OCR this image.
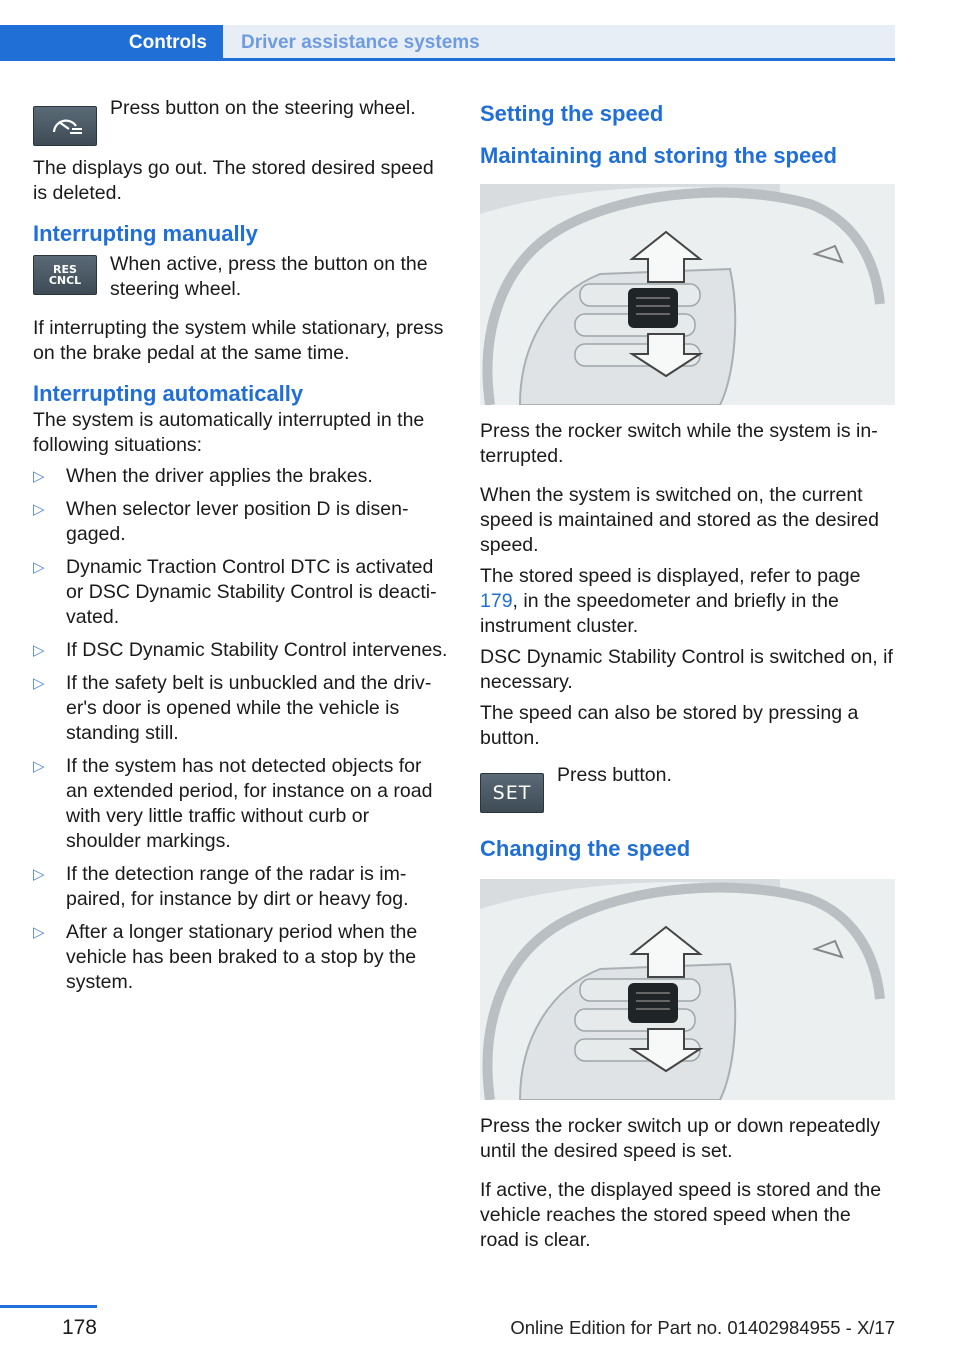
Controls Driver assistance systems

Press button on the steering wheel.

The displays go out. The stored desired speed is deleted.

Interrupting manually
RES
CNCL

When active, press the button on the steering wheel.

If interrupting the system while stationary, press on the brake pedal at the same time.

Interrupting automatically

The system is automatically interrupted in the following situations:

▷ When the driver applies the brakes.
▷ When selector lever position D is disengaged.
▷ Dynamic Traction Control DTC is activated or DSC Dynamic Stability Control is deactivated.
▷ If DSC Dynamic Stability Control intervenes.
▷ If the safety belt is unbuckled and the driver's door is opened while the vehicle is standing still.
▷ If the system has not detected objects for an extended period, for instance on a road with very little traffic without curb or shoulder markings.
▷ If the detection range of the radar is impaired, for instance by dirt or heavy fog.
▷ After a longer stationary period when the vehicle has been braked to a stop by the system.
Setting the speed
Maintaining and storing the speed

Press the rocker switch while the system is interrupted.

When the system is switched on, the current speed is maintained and stored as the desired speed.

The stored speed is displayed, refer to page 179, in the speedometer and briefly in the instrument cluster.

DSC Dynamic Stability Control is switched on, if necessary.

The speed can also be stored by pressing a button.

SET

Press button.

Changing the speed

Press the rocker switch up or down repeatedly until the desired speed is set.

If active, the displayed speed is stored and the vehicle reaches the stored speed when the road is clear.

178	Online Edition for Part no. 01402984955 - X/17
